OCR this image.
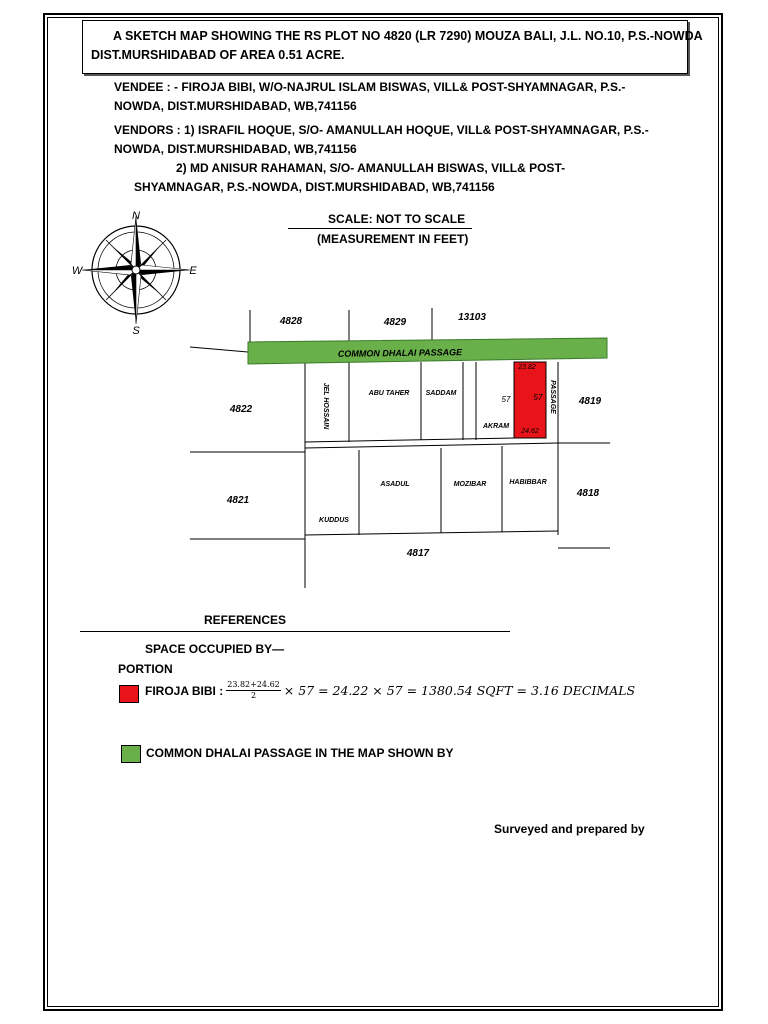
A SKETCH MAP SHOWING THE RS PLOT NO 4820 (LR 7290) MOUZA BALI, J.L. NO.10, P.S.-NOWDA
DIST.MURSHIDABAD OF AREA 0.51 ACRE.
VENDEE : - FIROJA BIBI, W/O-NAJRUL ISLAM BISWAS, VILL& POST-SHYAMNAGAR, P.S.-
NOWDA, DIST.MURSHIDABAD, WB,741156
VENDORS : 1) ISRAFIL HOQUE, S/O- AMANULLAH HOQUE, VILL& POST-SHYAMNAGAR, P.S.-
NOWDA, DIST.MURSHIDABAD, WB,741156
2) MD ANISUR RAHAMAN, S/O- AMANULLAH BISWAS, VILL& POST-
SHYAMNAGAR, P.S.-NOWDA, DIST.MURSHIDABAD, WB,741156
SCALE: NOT TO SCALE
(MEASUREMENT IN FEET)
N
S
W	E
COMMON DHALAI PASSAGE
23.82
24.62
57	57
4828	4829	13103
4822
4821
4819
4818
4817
JEL HOSSAIN	ABU TAHER SADDAM
AKRAM
ASADUL	MOZIBAR	HABIBBAR
KUDDUS
PASSAGE
REFERENCES
SPACE OCCUPIED BY—
PORTION
FIROJA BIBI : $\frac{23.82+24.62}{2} \times 57 = 24.22 \times 57 = 1380.54$ SQFT = 3.16 DECIMALS
COMMON DHALAI PASSAGE IN THE MAP SHOWN BY
Surveyed and prepared by
